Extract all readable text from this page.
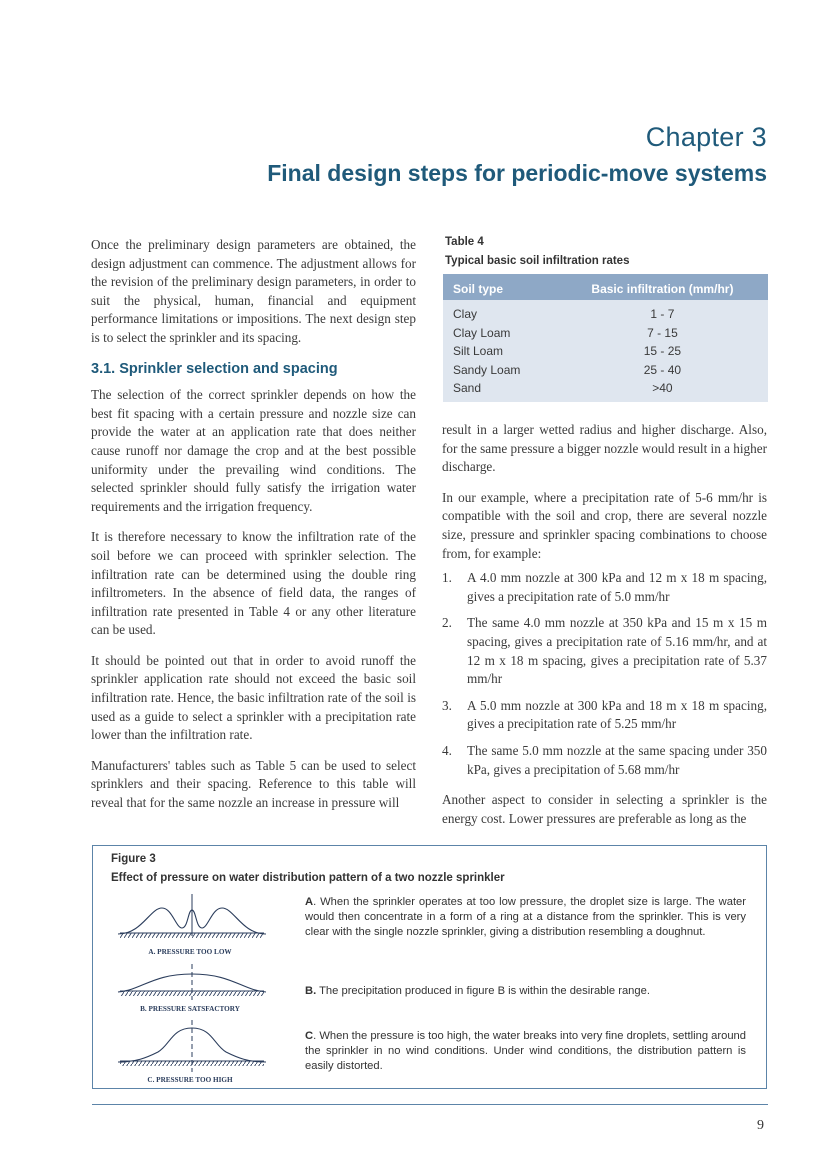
Chapter 3
Final design steps for periodic-move systems

Once the preliminary design parameters are obtained, the design adjustment can commence. The adjustment allows for the revision of the preliminary design parameters, in order to suit the physical, human, financial and equipment performance limitations or impositions. The next design step is to select the sprinkler and its spacing.

3.1. Sprinkler selection and spacing

The selection of the correct sprinkler depends on how the best fit spacing with a certain pressure and nozzle size can provide the water at an application rate that does neither cause runoff nor damage the crop and at the best possible uniformity under the prevailing wind conditions. The selected sprinkler should fully satisfy the irrigation water requirements and the irrigation frequency.

It is therefore necessary to know the infiltration rate of the soil before we can proceed with sprinkler selection. The infiltration rate can be determined using the double ring infiltrometers. In the absence of field data, the ranges of infiltration rate presented in Table 4 or any other literature can be used.

It should be pointed out that in order to avoid runoff the sprinkler application rate should not exceed the basic soil infiltration rate. Hence, the basic infiltration rate of the soil is used as a guide to select a sprinkler with a precipitation rate lower than the infiltration rate.

Manufacturers' tables such as Table 5 can be used to select sprinklers and their spacing. Reference to this table will reveal that for the same nozzle an increase in pressure will

Table 4
Typical basic soil infiltration rates
Soil type	Basic infiltration (mm/hr)
Clay	1 - 7
Clay Loam	7 - 15
Silt Loam	15 - 25
Sandy Loam	25 - 40
Sand	>40

result in a larger wetted radius and higher discharge. Also, for the same pressure a bigger nozzle would result in a higher discharge.

In our example, where a precipitation rate of 5-6 mm/hr is compatible with the soil and crop, there are several nozzle size, pressure and sprinkler spacing combinations to choose from, for example:

1. A 4.0 mm nozzle at 300 kPa and 12 m x 18 m spacing, gives a precipitation rate of 5.0 mm/hr
2. The same 4.0 mm nozzle at 350 kPa and 15 m x 15 m spacing, gives a precipitation rate of 5.16 mm/hr, and at 12 m x 18 m spacing, gives a precipitation rate of 5.37 mm/hr
3. A 5.0 mm nozzle at 300 kPa and 18 m x 18 m spacing, gives a precipitation rate of 5.25 mm/hr
4. The same 5.0 mm nozzle at the same spacing under 350 kPa, gives a precipitation of 5.68 mm/hr

Another aspect to consider in selecting a sprinkler is the energy cost. Lower pressures are preferable as long as the

Figure 3
Effect of pressure on water distribution pattern of a two nozzle sprinkler
A. PRESSURE TOO LOW
B. PRESSURE SATSFACTORY
C. PRESSURE TOO HIGH
A. When the sprinkler operates at too low pressure, the droplet size is large. The water would then concentrate in a form of a ring at a distance from the sprinkler. This is very clear with the single nozzle sprinkler, giving a distribution resembling a doughnut.
B. The precipitation produced in figure B is within the desirable range.
C. When the pressure is too high, the water breaks into very fine droplets, settling around the sprinkler in no wind conditions. Under wind conditions, the distribution pattern is easily distorted.
9
